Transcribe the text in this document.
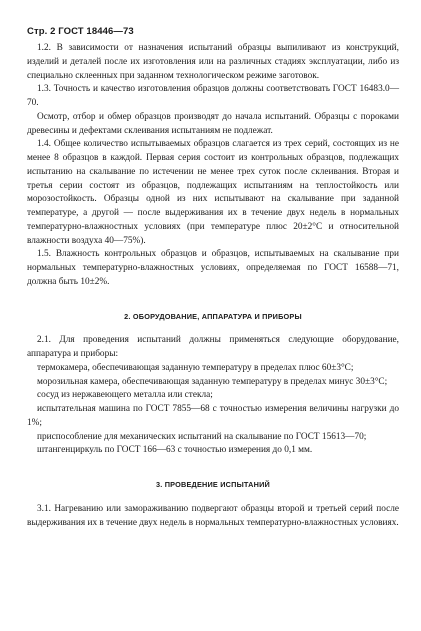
Стр. 2 ГОСТ 18446—73

1.2. В зависимости от назначения испытаний образцы выпиливают из конструкций, изделий и деталей после их изготовления или на различных стадиях эксплуатации, либо из специально склеенных при заданном технологическом режиме заготовок.

1.3. Точность и качество изготовления образцов должны соответствовать ГОСТ 16483.0—70.

Осмотр, отбор и обмер образцов производят до начала испытаний. Образцы с пороками древесины и дефектами склеивания испытаниям не подлежат.

1.4. Общее количество испытываемых образцов слагается из трех серий, состоящих из не менее 8 образцов в каждой. Первая серия состоит из контрольных образцов, подлежащих испытанию на скалывание по истечении не менее трех суток после склеивания. Вторая и третья серии состоят из образцов, подлежащих испытаниям на теплостойкость или морозостойкость. Образцы одной из них испытывают на скалывание при заданной температуре, а другой — после выдерживания их в течение двух недель в нормальных температурно-влажностных условиях (при температуре плюс 20±2°С и относительной влажности воздуха 40—75%).

1.5. Влажность контрольных образцов и образцов, испытываемых на скалывание при нормальных температурно-влажностных условиях, определяемая по ГОСТ 16588—71, должна быть 10±2%.

2. ОБОРУДОВАНИЕ, АППАРАТУРА И ПРИБОРЫ

2.1. Для проведения испытаний должны применяться следующие оборудование, аппаратура и приборы:

термокамера, обеспечивающая заданную температуру в пределах плюс 60±3°С;

морозильная камера, обеспечивающая заданную температуру в пределах минус 30±3°С;

сосуд из нержавеющего металла или стекла;

испытательная машина по ГОСТ 7855—68 с точностью измерения величины нагрузки до 1%;

приспособление для механических испытаний на скалывание по ГОСТ 15613—70;

штангенциркуль по ГОСТ 166—63 с точностью измерения до 0,1 мм.

3. ПРОВЕДЕНИЕ ИСПЫТАНИЙ

3.1. Нагреванию или замораживанию подвергают образцы второй и третьей серий после выдерживания их в течение двух недель в нормальных температурно-влажностных условиях.
